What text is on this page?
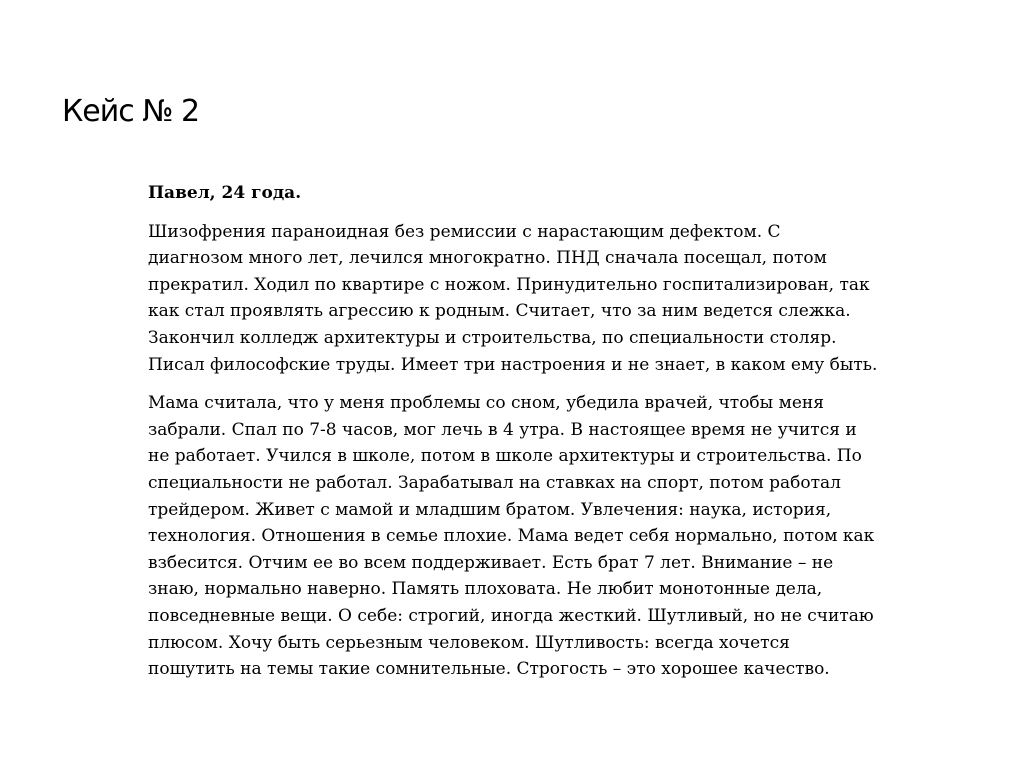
Кейс № 2

Павел, 24 года.

Шизофрения параноидная без ремиссии с нарастающим дефектом. С диагнозом много лет, лечился многократно. ПНД сначала посещал, потом прекратил. Ходил по квартире с ножом. Принудительно госпитализирован, так как стал проявлять агрессию к родным. Считает, что за ним ведется слежка. Закончил колледж архитектуры и строительства, по специальности столяр. Писал философские труды. Имеет три настроения и не знает, в каком ему быть.

Мама считала, что у меня проблемы со сном, убедила врачей, чтобы меня забрали. Спал по 7-8 часов, мог лечь в 4 утра. В настоящее время не учится и не работает. Учился в школе, потом в школе архитектуры и строительства. По специальности не работал. Зарабатывал на ставках на спорт, потом работал трейдером. Живет с мамой и младшим братом. Увлечения: наука, история, технология. Отношения в семье плохие. Мама ведет себя нормально, потом как взбесится. Отчим ее во всем поддерживает. Есть брат 7 лет. Внимание – не знаю, нормально наверно. Память плоховата. Не любит монотонные дела, повседневные вещи. О себе: строгий, иногда жесткий. Шутливый, но не считаю плюсом. Хочу быть серьезным человеком. Шутливость: всегда хочется пошутить на темы такие сомнительные. Строгость – это хорошее качество.
